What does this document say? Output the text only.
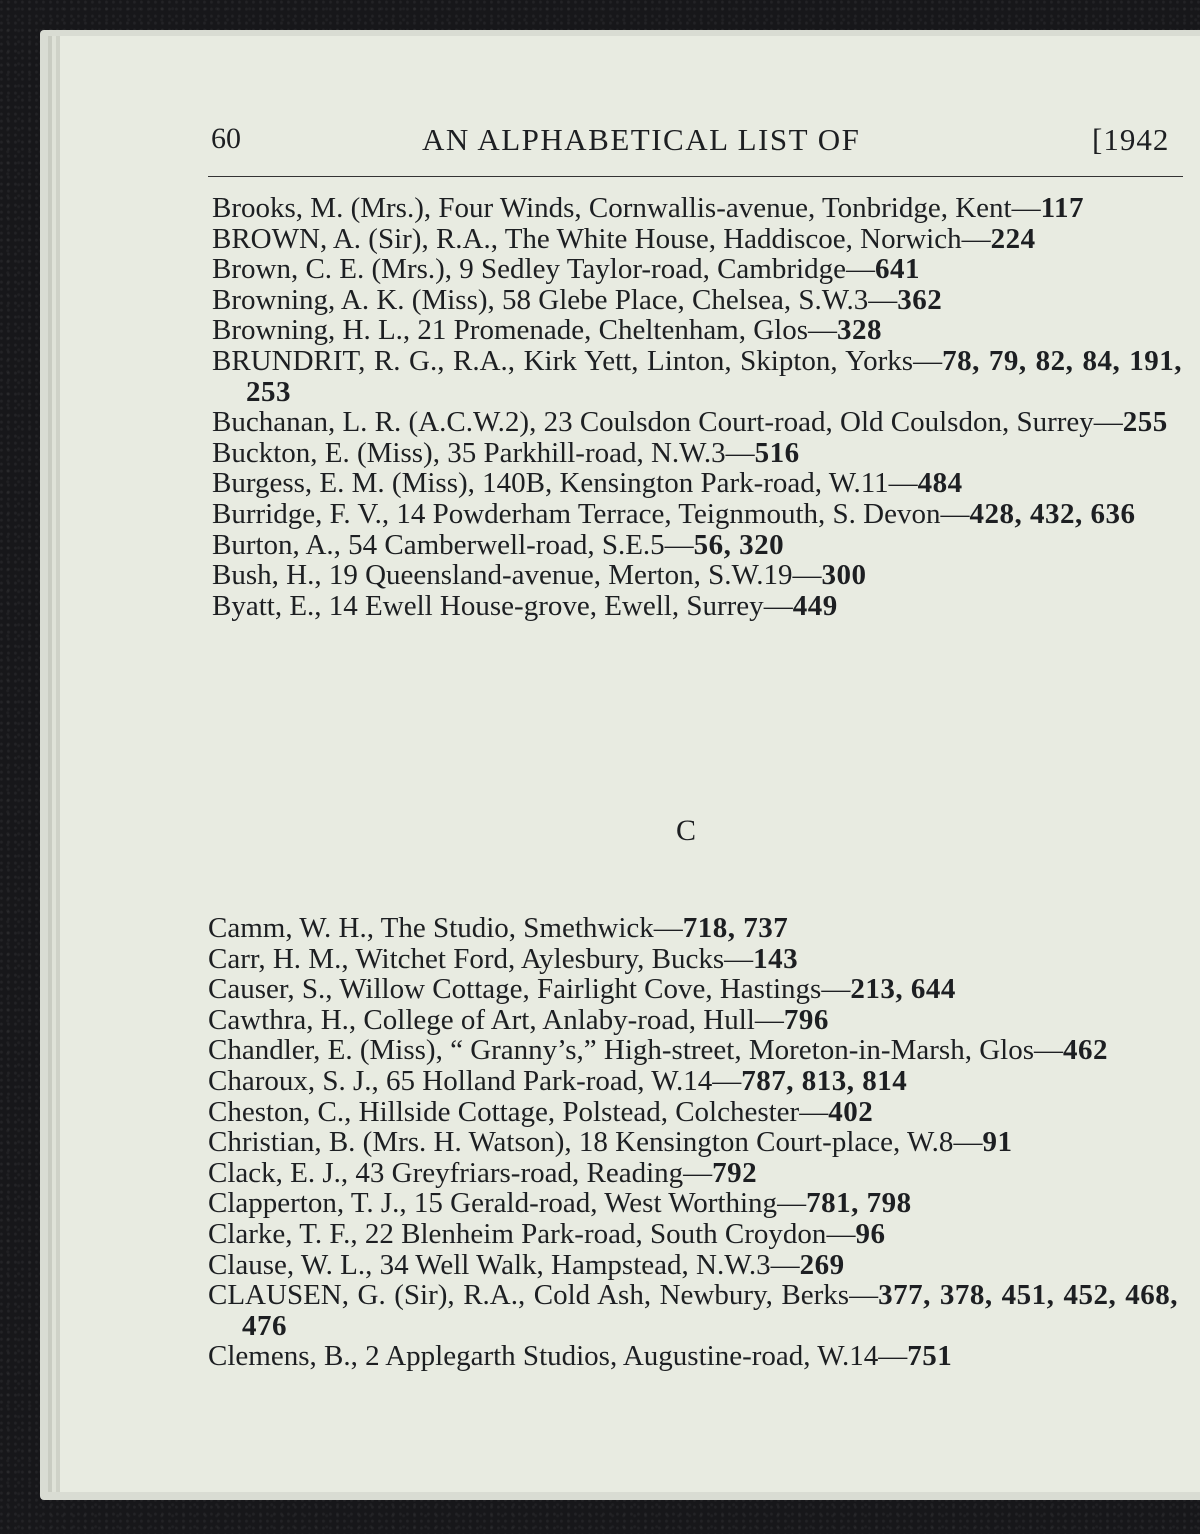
60	AN ALPHABETICAL LIST OF	[1942
Brooks, M. (Mrs.), Four Winds, Cornwallis-avenue, Tonbridge, Kent—117
BROWN, A. (Sir), R.A., The White House, Haddiscoe, Norwich—224
Brown, C. E. (Mrs.), 9 Sedley Taylor-road, Cambridge—641
Browning, A. K. (Miss), 58 Glebe Place, Chelsea, S.W.3—362
Browning, H. L., 21 Promenade, Cheltenham, Glos—328
BRUNDRIT, R. G., R.A., Kirk Yett, Linton, Skipton, Yorks—78, 79, 82, 84, 191, 253
Buchanan, L. R. (A.C.W.2), 23 Coulsdon Court-road, Old Coulsdon, Surrey—255
Buckton, E. (Miss), 35 Parkhill-road, N.W.3—516
Burgess, E. M. (Miss), 140B, Kensington Park-road, W.11—484
Burridge, F. V., 14 Powderham Terrace, Teignmouth, S. Devon—428, 432, 636
Burton, A., 54 Camberwell-road, S.E.5—56, 320
Bush, H., 19 Queensland-avenue, Merton, S.W.19—300
Byatt, E., 14 Ewell House-grove, Ewell, Surrey—449
C
Camm, W. H., The Studio, Smethwick—718, 737
Carr, H. M., Witchet Ford, Aylesbury, Bucks—143
Causer, S., Willow Cottage, Fairlight Cove, Hastings—213, 644
Cawthra, H., College of Art, Anlaby-road, Hull—796
Chandler, E. (Miss), “ Granny’s,” High-street, Moreton-in-Marsh, Glos—462
Charoux, S. J., 65 Holland Park-road, W.14—787, 813, 814
Cheston, C., Hillside Cottage, Polstead, Colchester—402
Christian, B. (Mrs. H. Watson), 18 Kensington Court-place, W.8—91
Clack, E. J., 43 Greyfriars-road, Reading—792
Clapperton, T. J., 15 Gerald-road, West Worthing—781, 798
Clarke, T. F., 22 Blenheim Park-road, South Croydon—96
Clause, W. L., 34 Well Walk, Hampstead, N.W.3—269
CLAUSEN, G. (Sir), R.A., Cold Ash, Newbury, Berks—377, 378, 451, 452, 468, 476
Clemens, B., 2 Applegarth Studios, Augustine-road, W.14—751
